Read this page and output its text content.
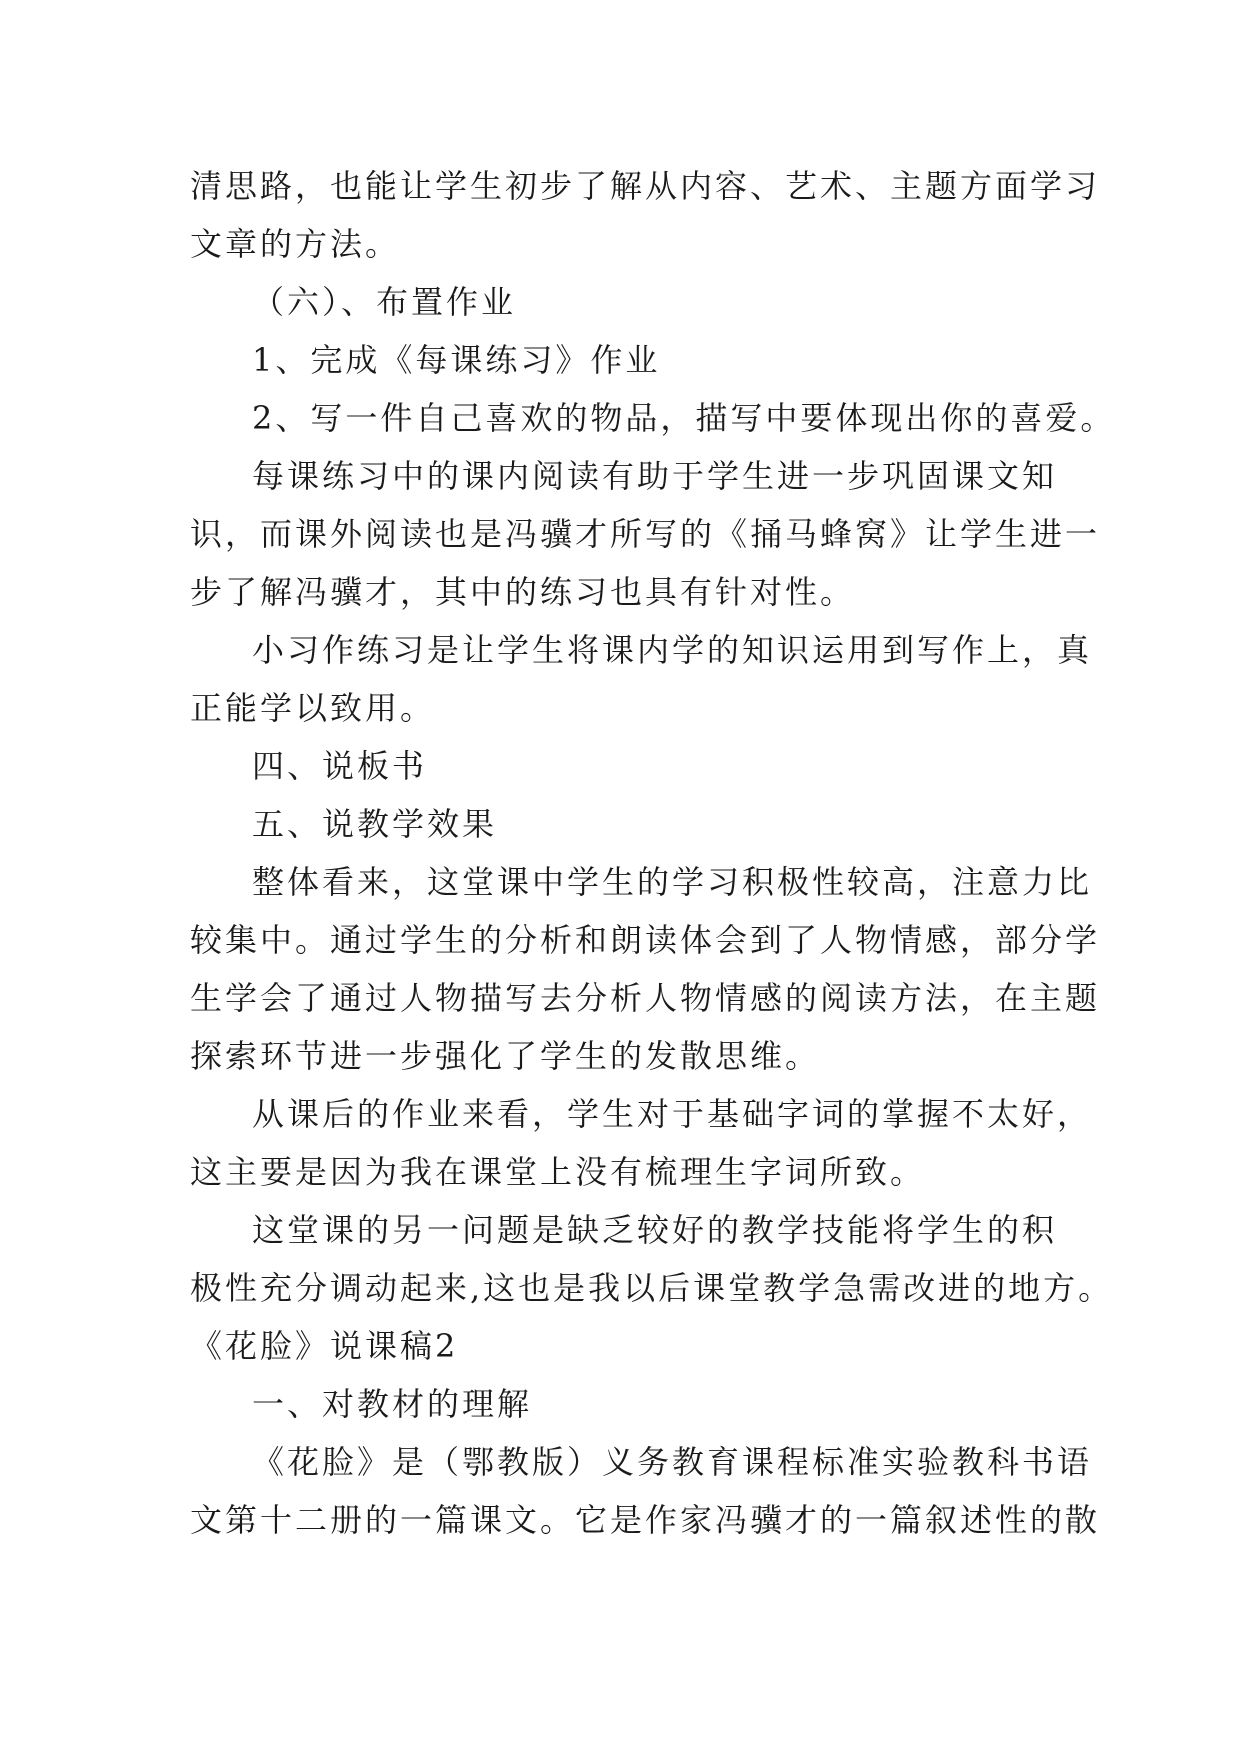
清思路，也能让学生初步了解从内容、艺术、主题方面学习
文章的方法。
（六）、布置作业
1、完成《每课练习》作业
2、写一件自己喜欢的物品，描写中要体现出你的喜爱。
每课练习中的课内阅读有助于学生进一步巩固课文知
识，而课外阅读也是冯骥才所写的《捅马蜂窝》让学生进一
步了解冯骥才，其中的练习也具有针对性。
小习作练习是让学生将课内学的知识运用到写作上，真
正能学以致用。
四、说板书
五、说教学效果
整体看来，这堂课中学生的学习积极性较高，注意力比
较集中。通过学生的分析和朗读体会到了人物情感，部分学
生学会了通过人物描写去分析人物情感的阅读方法，在主题
探索环节进一步强化了学生的发散思维。
从课后的作业来看，学生对于基础字词的掌握不太好，
这主要是因为我在课堂上没有梳理生字词所致。
这堂课的另一问题是缺乏较好的教学技能将学生的积
极性充分调动起来,这也是我以后课堂教学急需改进的地方。
《花脸》说课稿2
一、对教材的理解
《花脸》是（鄂教版）义务教育课程标准实验教科书语
文第十二册的一篇课文。它是作家冯骥才的一篇叙述性的散
